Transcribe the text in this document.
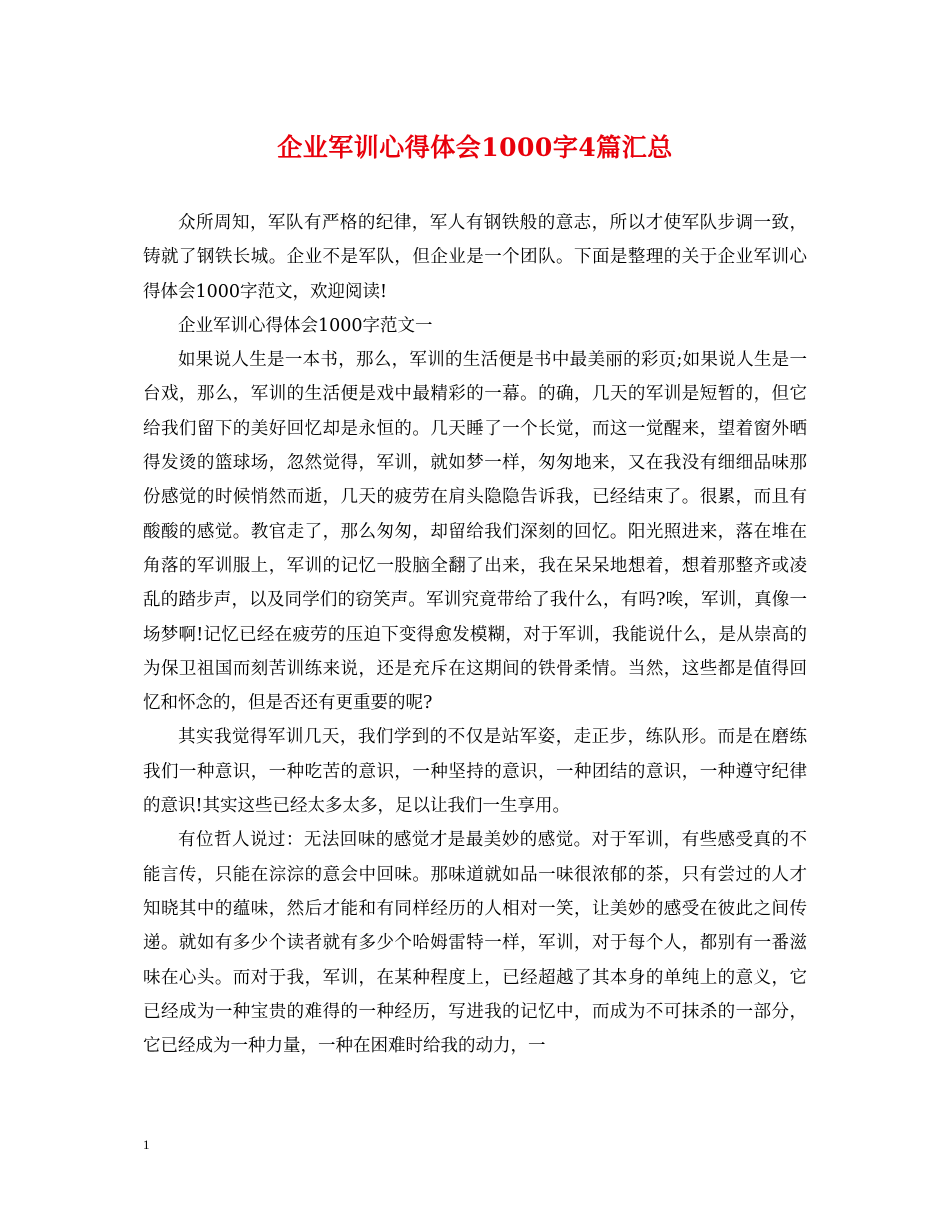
企业军训心得体会1000字4篇汇总

众所周知，军队有严格的纪律，军人有钢铁般的意志，所以才使军队步调一致，铸就了钢铁长城。企业不是军队，但企业是一个团队。下面是整理的关于企业军训心得体会1000字范文，欢迎阅读!

企业军训心得体会1000字范文一

如果说人生是一本书，那么，军训的生活便是书中最美丽的彩页;如果说人生是一台戏，那么，军训的生活便是戏中最精彩的一幕。的确，几天的军训是短暂的，但它给我们留下的美好回忆却是永恒的。几天睡了一个长觉，而这一觉醒来，望着窗外晒得发烫的篮球场，忽然觉得，军训，就如梦一样，匆匆地来，又在我没有细细品味那份感觉的时候悄然而逝，几天的疲劳在肩头隐隐告诉我，已经结束了。很累，而且有酸酸的感觉。教官走了，那么匆匆，却留给我们深刻的回忆。阳光照进来，落在堆在角落的军训服上，军训的记忆一股脑全翻了出来，我在呆呆地想着，想着那整齐或凌乱的踏步声，以及同学们的窃笑声。军训究竟带给了我什么，有吗?唉，军训，真像一场梦啊!记忆已经在疲劳的压迫下变得愈发模糊，对于军训，我能说什么，是从崇高的为保卫祖国而刻苦训练来说，还是充斥在这期间的铁骨柔情。当然，这些都是值得回忆和怀念的，但是否还有更重要的呢?

其实我觉得军训几天，我们学到的不仅是站军姿，走正步，练队形。而是在磨练我们一种意识，一种吃苦的意识，一种坚持的意识，一种团结的意识，一种遵守纪律的意识!其实这些已经太多太多，足以让我们一生享用。

有位哲人说过：无法回味的感觉才是最美妙的感觉。对于军训，有些感受真的不能言传，只能在淙淙的意会中回味。那味道就如品一味很浓郁的茶，只有尝过的人才知晓其中的蕴味，然后才能和有同样经历的人相对一笑，让美妙的感受在彼此之间传递。就如有多少个读者就有多少个哈姆雷特一样，军训，对于每个人，都别有一番滋味在心头。而对于我，军训，在某种程度上，已经超越了其本身的单纯上的意义，它已经成为一种宝贵的难得的一种经历，写进我的记忆中，而成为不可抹杀的一部分，它已经成为一种力量，一种在困难时给我的动力，一

1
